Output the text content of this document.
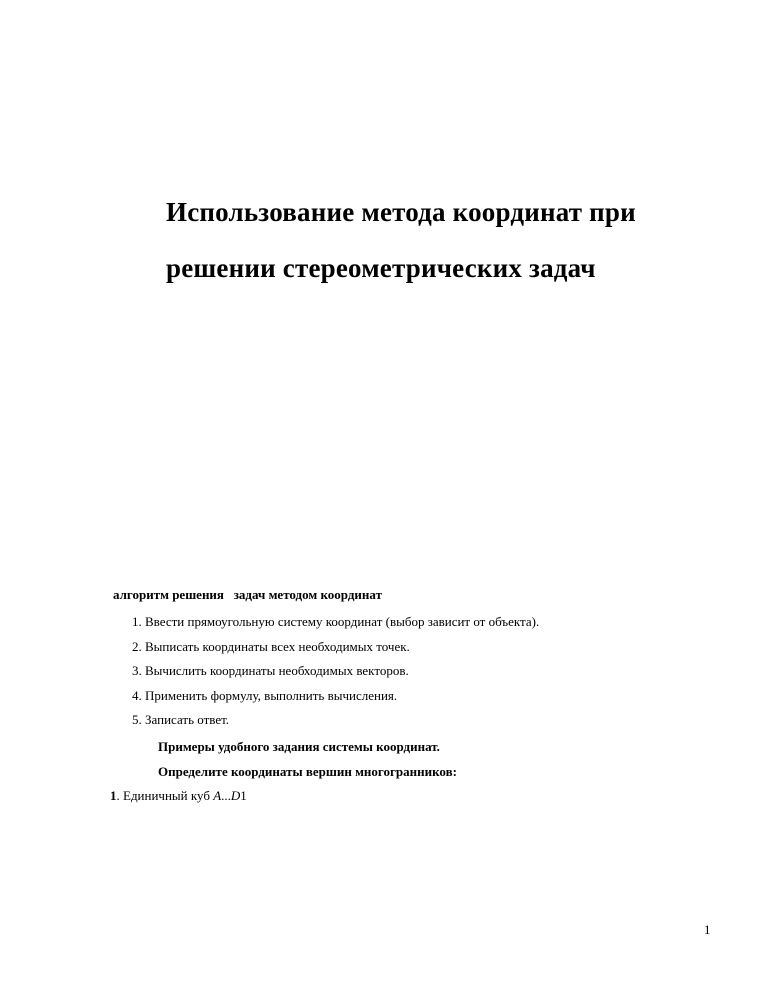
Использование метода координат при
решении стереометрических задач
алгоритм решения   задач методом координат
1. Ввести прямоугольную систему координат (выбор зависит от объекта).
2. Выписать координаты всех необходимых точек.
3. Вычислить координаты необходимых векторов.
4. Применить формулу, выполнить вычисления.
5. Записать ответ.
Примеры удобного задания системы координат.
Определите координаты вершин многогранников:
1. Единичный куб A...D1
1
